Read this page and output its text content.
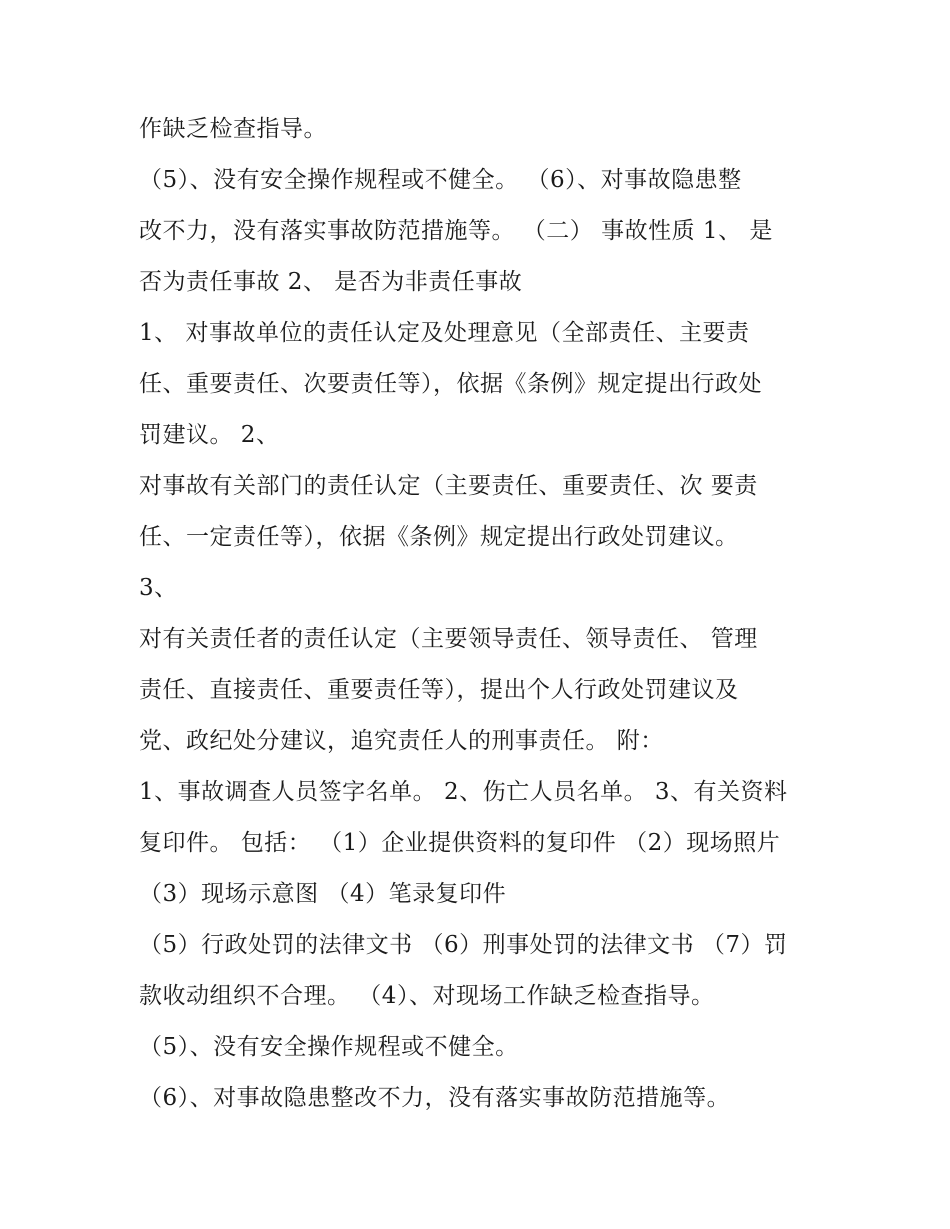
作缺乏检查指导。
（5）、没有安全操作规程或不健全。 （6）、对事故隐患整
改不力，没有落实事故防范措施等。 （二） 事故性质 1、 是
否为责任事故 2、 是否为非责任事故
1、 对事故单位的责任认定及处理意见（全部责任、主要责
任、重要责任、次要责任等），依据《条例》规定提出行政处
罚建议。 2、
对事故有关部门的责任认定（主要责任、重要责任、次 要责
任、一定责任等），依据《条例》规定提出行政处罚建议。
3、
对有关责任者的责任认定（主要领导责任、领导责任、 管理
责任、直接责任、重要责任等），提出个人行政处罚建议及
党、政纪处分建议，追究责任人的刑事责任。 附：
1、事故调查人员签字名单。 2、伤亡人员名单。 3、有关资料
复印件。 包括： （1）企业提供资料的复印件 （2）现场照片
（3）现场示意图 （4）笔录复印件
（5）行政处罚的法律文书 （6）刑事处罚的法律文书 （7）罚
款收动组织不合理。 （4）、对现场工作缺乏检查指导。
（5）、没有安全操作规程或不健全。
（6）、对事故隐患整改不力，没有落实事故防范措施等。
